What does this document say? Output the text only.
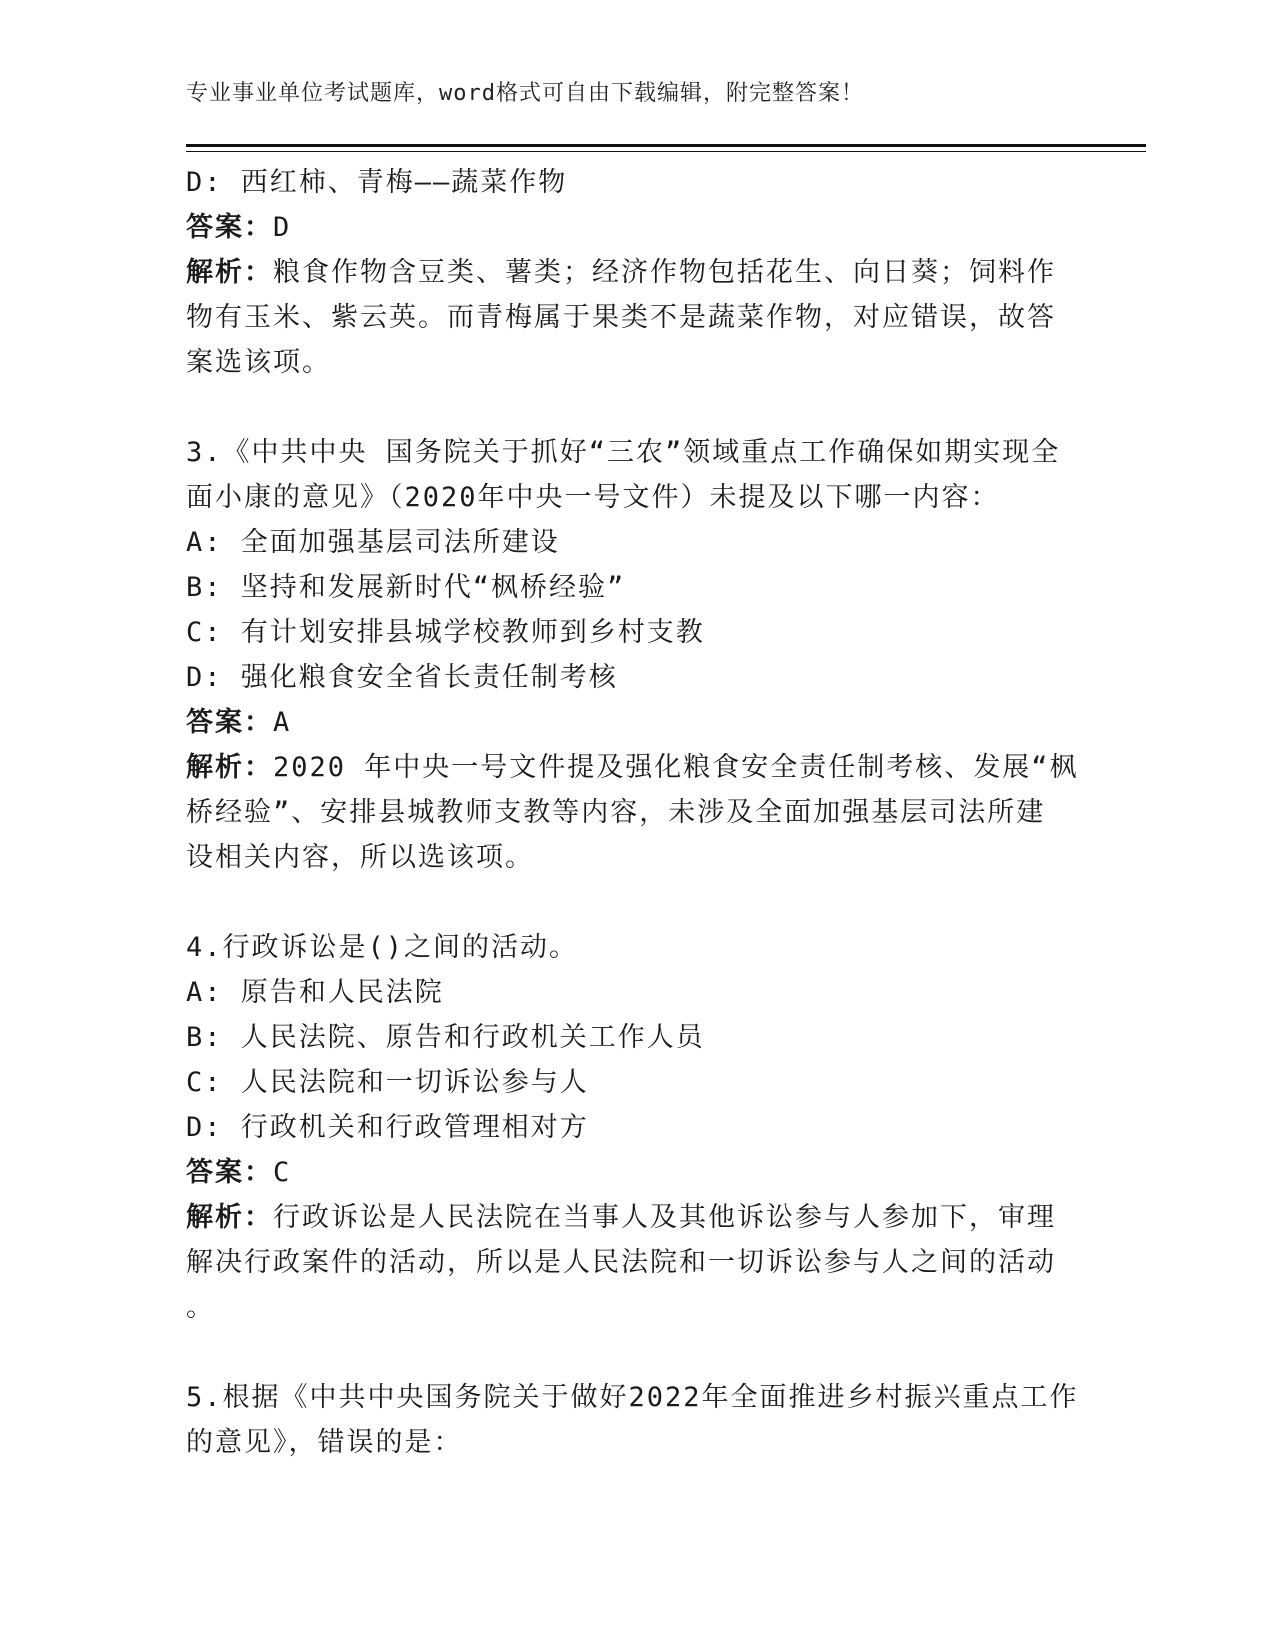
专业事业单位考试题库，word格式可自由下载编辑，附完整答案！
D: 西红柿、青梅——蔬菜作物
答案：D
解析：粮食作物含豆类、薯类；经济作物包括花生、向日葵；饲料作
物有玉米、紫云英。而青梅属于果类不是蔬菜作物，对应错误，故答
案选该项。
3.《中共中央 国务院关于抓好“三农”领域重点工作确保如期实现全
面小康的意见》（2020年中央一号文件）未提及以下哪一内容：
A: 全面加强基层司法所建设
B: 坚持和发展新时代“枫桥经验”
C: 有计划安排县城学校教师到乡村支教
D: 强化粮食安全省长责任制考核
答案：A
解析：2020 年中央一号文件提及强化粮食安全责任制考核、发展“枫
桥经验”、安排县城教师支教等内容，未涉及全面加强基层司法所建
设相关内容，所以选该项。
4.行政诉讼是()之间的活动。
A: 原告和人民法院
B: 人民法院、原告和行政机关工作人员
C: 人民法院和一切诉讼参与人
D: 行政机关和行政管理相对方
答案：C
解析：行政诉讼是人民法院在当事人及其他诉讼参与人参加下，审理
解决行政案件的活动，所以是人民法院和一切诉讼参与人之间的活动
。
5.根据《中共中央国务院关于做好2022年全面推进乡村振兴重点工作
的意见》，错误的是：
